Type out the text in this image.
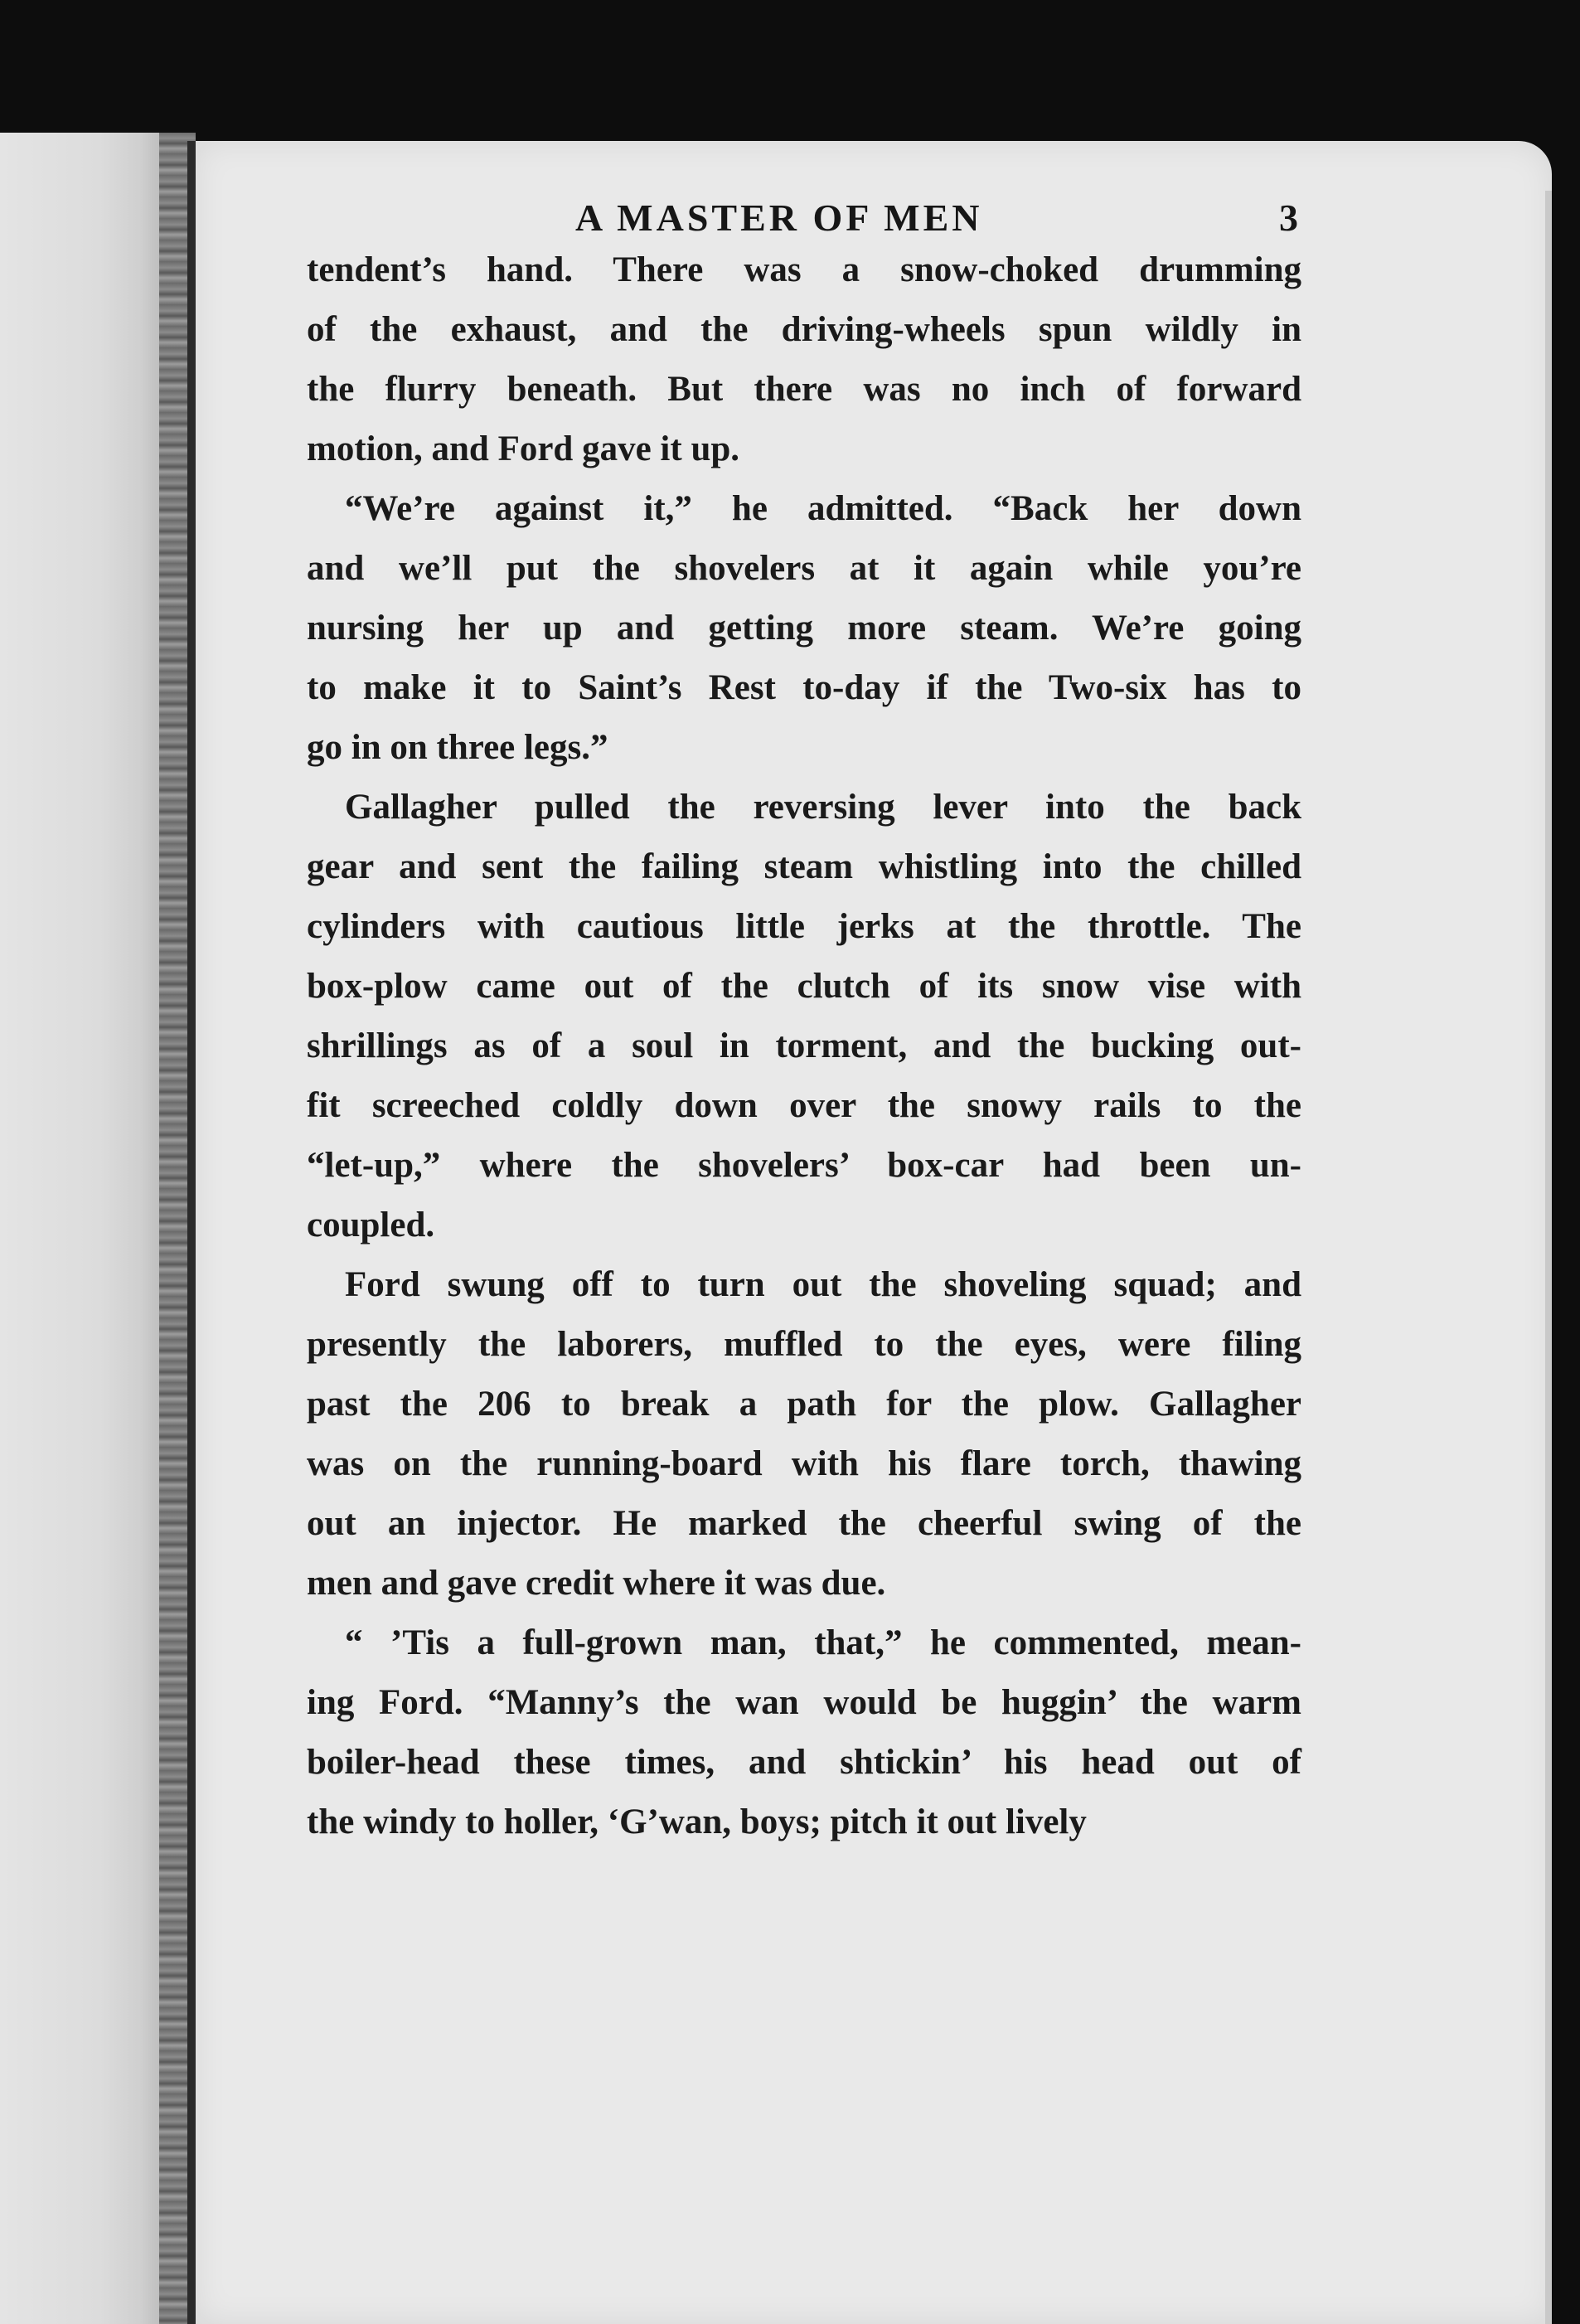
A MASTER OF MEN	3

tendent’s hand. There was a snow-choked drumming
of the exhaust, and the driving-wheels spun wildly in
the flurry beneath. But there was no inch of forward
motion, and Ford gave it up.

“We’re against it,” he admitted. “Back her down
and we’ll put the shovelers at it again while you’re
nursing her up and getting more steam. We’re going
to make it to Saint’s Rest to-day if the Two-six has to
go in on three legs.”

Gallagher pulled the reversing lever into the back
gear and sent the failing steam whistling into the chilled
cylinders with cautious little jerks at the throttle. The
box-plow came out of the clutch of its snow vise with
shrillings as of a soul in torment, and the bucking out-
fit screeched coldly down over the snowy rails to the
“let-up,” where the shovelers’ box-car had been un-
coupled.

Ford swung off to turn out the shoveling squad; and
presently the laborers, muffled to the eyes, were filing
past the 206 to break a path for the plow. Gallagher
was on the running-board with his flare torch, thawing
out an injector. He marked the cheerful swing of the
men and gave credit where it was due.

“ ’Tis a full-grown man, that,” he commented, mean-
ing Ford. “Manny’s the wan would be huggin’ the warm
boiler-head these times, and shtickin’ his head out of
the windy to holler, ‘G’wan, boys; pitch it out lively
